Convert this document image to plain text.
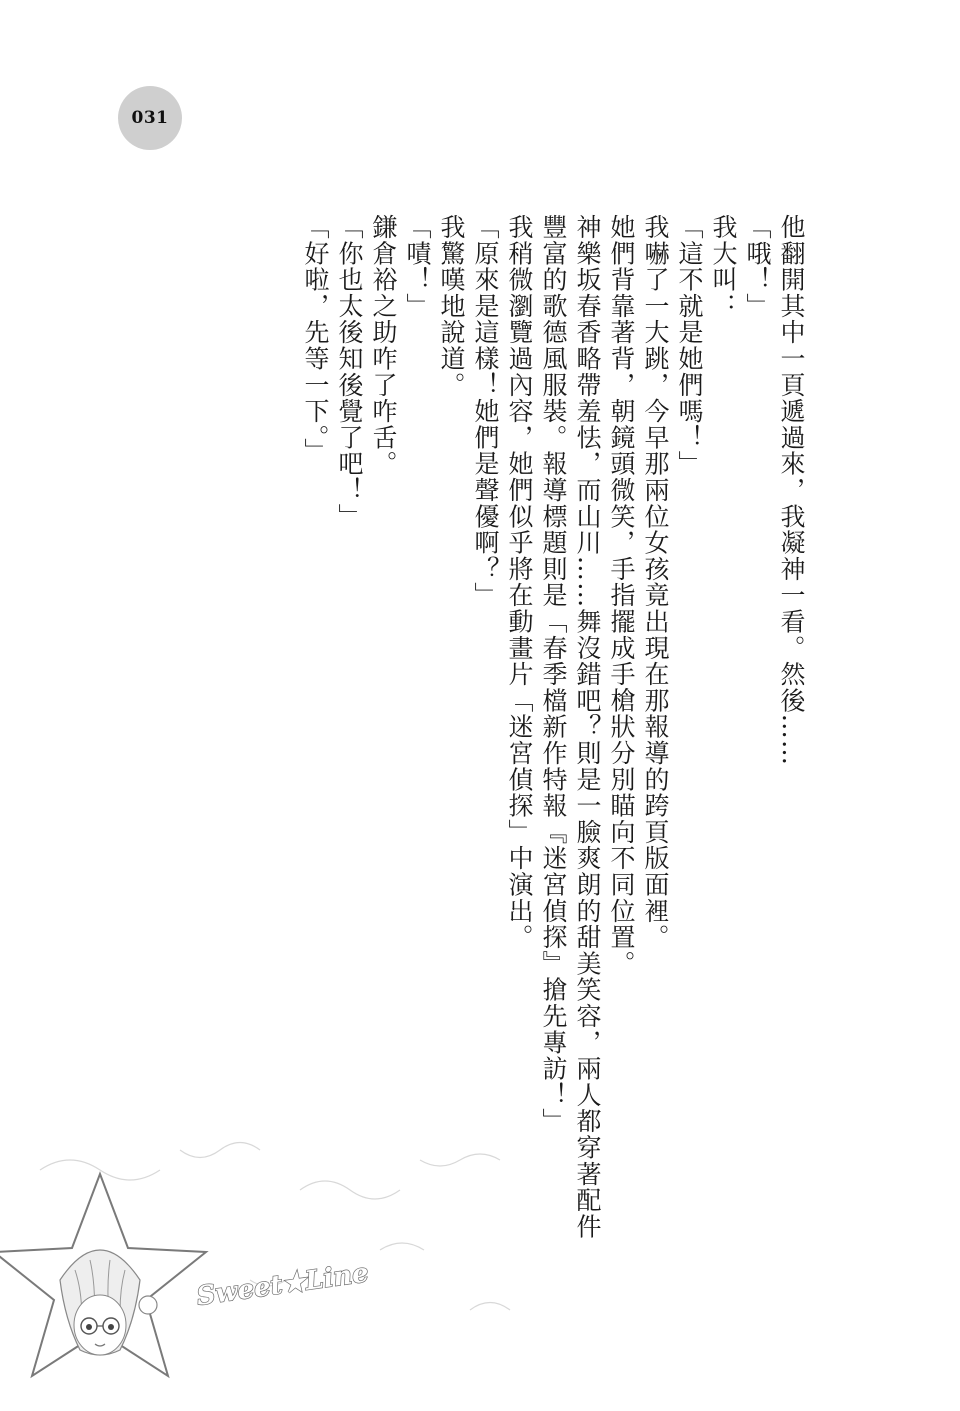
031

他翻開其中一頁遞過來，我凝神一看。然後……

「哦！」

我大叫：

「這不就是她們嗎！」

我嚇了一大跳，今早那兩位女孩竟出現在那報導的跨頁版面裡。

她們背靠著背，朝鏡頭微笑，手指擺成手槍狀分別瞄向不同位置。

神樂坂春香略帶羞怯，而山川……舞沒錯吧？則是一臉爽朗的甜美笑容，兩人都穿著配件豐富的歌德風服裝。報導標題則是「春季檔新作特報『迷宮偵探』搶先專訪！」

我稍微瀏覽過內容，她們似乎將在動畫片「迷宮偵探」中演出。

「原來是這樣！她們是聲優啊？」

我驚嘆地說道。

「嘖！」

鎌倉裕之助咋了咋舌。

「你也太後知後覺了吧！」

「好啦，先等一下。」

Sweet★Line
